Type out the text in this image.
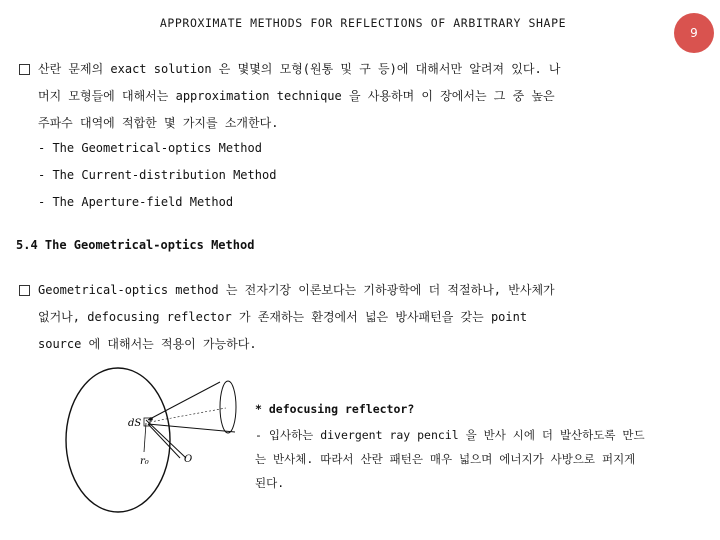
APPROXIMATE METHODS FOR REFLECTIONS OF ARBITRARY SHAPE
9
산란 문제의 exact solution 은 몇몇의 모형(원통 및 구 등)에 대해서만 알려져 있다. 나
머지 모형들에 대해서는 approximation technique 을 사용하며 이 장에서는 그 중 높은
주파수 대역에 적합한 몇 가지를 소개한다.
- The Geometrical-optics Method
- The Current-distribution Method
- The Aperture-field Method
5.4 The Geometrical-optics Method
Geometrical-optics method 는 전자기장 이론보다는 기하광학에 더 적절하나, 반사체가
없거나, defocusing reflector 가 존재하는 환경에서 넓은 방사패턴을 갖는 point
source 에 대해서는 적용이 가능하다.
dS
r₀	O
* defocusing reflector?
- 입사하는 divergent ray pencil 을 반사 시에 더 발산하도록 만드
는 반사체. 따라서 산란 패턴은 매우 넓으며 에너지가 사방으로 퍼지게
된다.
